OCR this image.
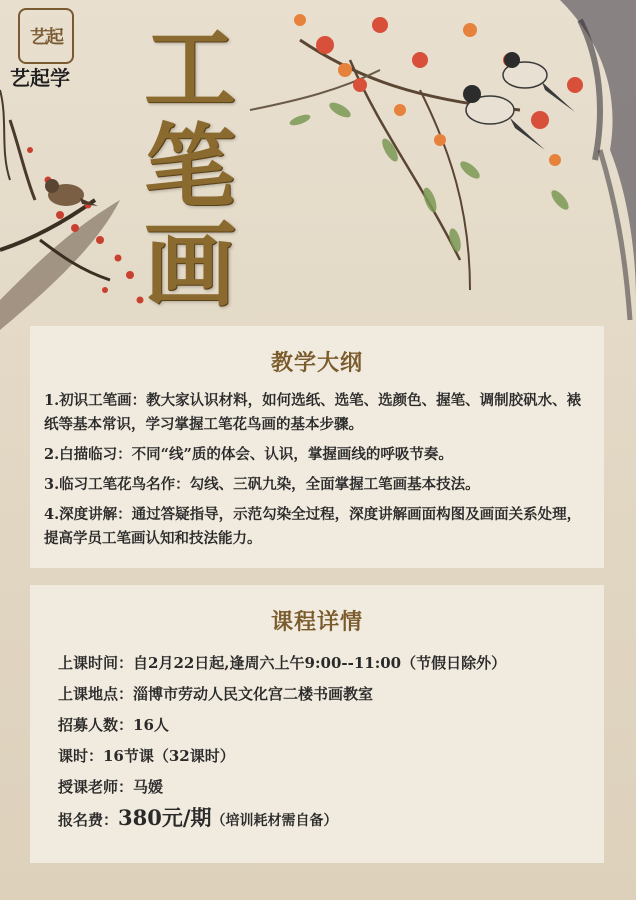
艺起
艺起学 工
笔
画
教学大纲
1.初识工笔画：教大家认识材料，如何选纸、选笔、选颜色、握笔、调制胶矾水、裱纸等基本常识，学习掌握工笔花鸟画的基本步骤。
2.白描临习：不同“线”质的体会、认识，掌握画线的呼吸节奏。
3.临习工笔花鸟名作：勾线、三矾九染，全面掌握工笔画基本技法。
4.深度讲解：通过答疑指导，示范勾染全过程，深度讲解画面构图及画面关系处理，提高学员工笔画认知和技法能力。
课程详情
上课时间：自2月22日起,逢周六上午9:00--11:00（节假日除外）
上课地点：淄博市劳动人民文化宫二楼书画教室
招募人数：16人
课时：16节课（32课时）
授课老师：马媛
报名费：380元/期（培训耗材需自备）
